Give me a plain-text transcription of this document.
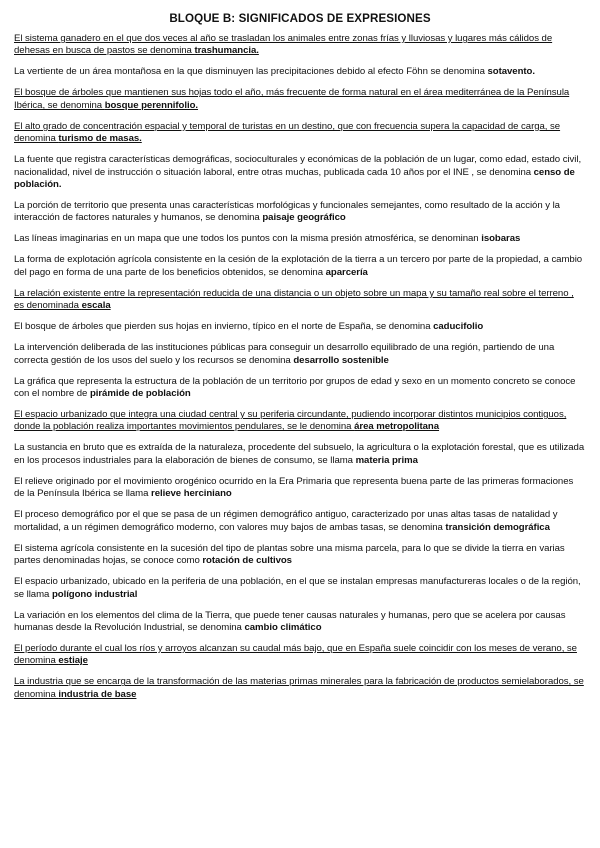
BLOQUE B: SIGNIFICADOS DE EXPRESIONES

El sistema ganadero en el que dos veces al año se trasladan los animales entre zonas frías y lluviosas y lugares más cálidos de dehesas en busca de pastos se denomina trashumancia.

La vertiente de un área montañosa en la que disminuyen las precipitaciones debido al efecto Föhn se denomina sotavento.

El bosque de árboles que mantienen sus hojas todo el año, más frecuente de forma natural en el área mediterránea de la Península Ibérica, se denomina bosque perennifolio.

El alto grado de concentración espacial y temporal de turistas en un destino, que con frecuencia supera la capacidad de carga, se denomina turismo de masas.

La fuente que registra características demográficas, socioculturales y económicas de la población de un lugar, como edad, estado civil, nacionalidad, nivel de instrucción o situación laboral, entre otras muchas, publicada cada 10 años por el INE , se denomina censo de población.

La porción de territorio que presenta unas características morfológicas y funcionales semejantes, como resultado de la acción y la interacción de factores naturales y humanos, se denomina paisaje geográfico

Las líneas imaginarias en un mapa que une todos los puntos con la misma presión atmosférica, se denominan isobaras

La forma de explotación agrícola consistente en la cesión de la explotación de la tierra a un tercero por parte de la propiedad, a cambio del pago en forma de una parte de los beneficios obtenidos, se denomina aparcería

La relación existente entre la representación reducida de una distancia o un objeto sobre un mapa y su tamaño real sobre el terreno , es denominada escala

El bosque de árboles que pierden sus hojas en invierno, típico en el norte de España, se denomina caducifolio

La intervención deliberada de las instituciones públicas para conseguir un desarrollo equilibrado de una región, partiendo de una correcta gestión de los usos del suelo y los recursos se denomina desarrollo sostenible

La gráfica que representa la estructura de la población de un territorio por grupos de edad y sexo en un momento concreto se conoce con el nombre de pirámide de población

El espacio urbanizado que integra una ciudad central y su periferia circundante, pudiendo incorporar distintos municipios contiguos, donde la población realiza importantes movimientos pendulares, se le denomina área metropolitana

La sustancia en bruto que es extraída de la naturaleza, procedente del subsuelo, la agricultura o la explotación forestal, que es utilizada en los procesos industriales para la elaboración de bienes de consumo, se llama materia prima

El relieve originado por el movimiento orogénico ocurrido en la Era Primaria que representa buena parte de las primeras formaciones de la Península Ibérica se llama relieve herciniano

El proceso demográfico por el que se pasa de un régimen demográfico antiguo, caracterizado por unas altas tasas de natalidad y mortalidad, a un régimen demográfico moderno, con valores muy bajos de ambas tasas, se denomina transición demográfica

El sistema agrícola consistente en la sucesión del tipo de plantas sobre una misma parcela, para lo que se divide la tierra en varias partes denominadas hojas, se conoce como rotación de cultivos

El espacio urbanizado, ubicado en la periferia de una población, en el que se instalan empresas manufactureras locales o de la región, se llama polígono industrial

La variación en los elementos del clima de la Tierra, que puede tener causas naturales y humanas, pero que se acelera por causas humanas desde la Revolución Industrial, se denomina cambio climático

El período durante el cual los ríos y arroyos alcanzan su caudal más bajo, que en España suele coincidir con los meses de verano, se denomina estiaje

La industria que se encarga de la transformación de las materias primas minerales para la fabricación de productos semielaborados, se denomina industria de base
